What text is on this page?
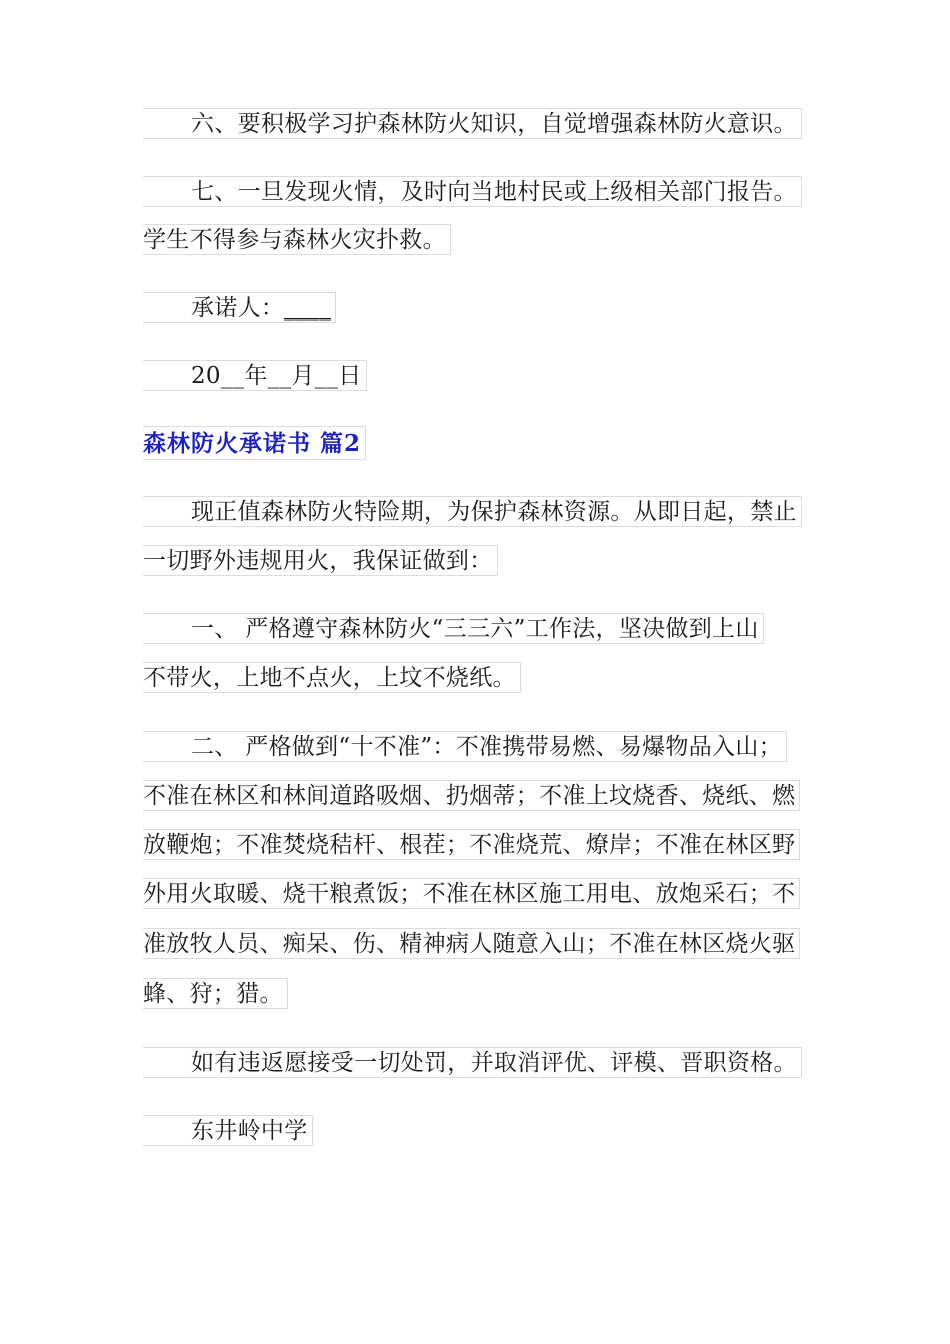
六、要积极学习护森林防火知识，自觉增强森林防火意识。
七、一旦发现火情，及时向当地村民或上级相关部门报告。
学生不得参与森林火灾扑救。
承诺人：____
20__年__月__日
森林防火承诺书 篇2
现正值森林防火特险期，为保护森林资源。从即日起，禁止
一切野外违规用火，我保证做到：
一、 严格遵守森林防火“三三六”工作法，坚决做到上山
不带火，上地不点火，上坟不烧纸。
二、 严格做到“十不准”：不准携带易燃、易爆物品入山；
不准在林区和林间道路吸烟、扔烟蒂；不准上坟烧香、烧纸、燃
放鞭炮；不准焚烧秸杆、根茬；不准烧荒、燎岸；不准在林区野
外用火取暖、烧干粮煮饭；不准在林区施工用电、放炮采石；不
准放牧人员、痴呆、伤、精神病人随意入山；不准在林区烧火驱
蜂、狩；猎。
如有违返愿接受一切处罚，并取消评优、评模、晋职资格。
东井岭中学
